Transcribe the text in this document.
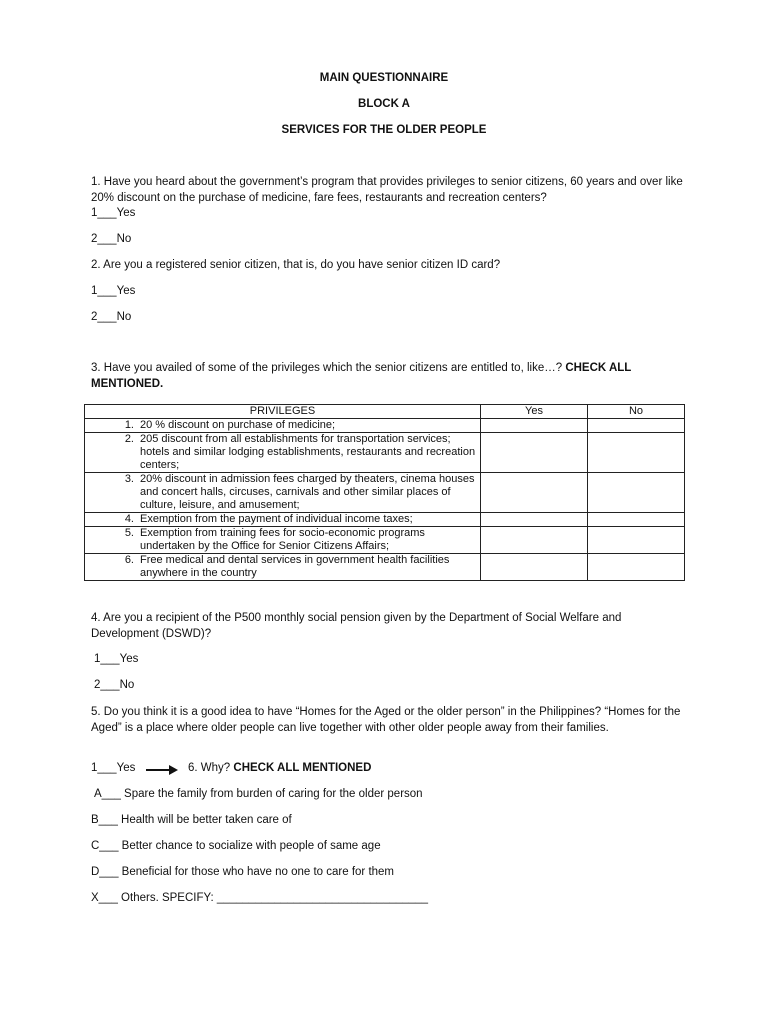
MAIN QUESTIONNAIRE
BLOCK A
SERVICES FOR THE OLDER PEOPLE
1. Have you heard about the government’s program that provides privileges to senior citizens, 60 years and over like 20% discount on the purchase of medicine, fare fees, restaurants and recreation centers?
1___Yes
2___No
2. Are you a registered senior citizen, that is, do you have senior citizen ID card?
1___Yes
2___No
3. Have you availed of some of the privileges which the senior citizens are entitled to, like…? CHECK ALL MENTIONED.
PRIVILEGES	Yes	No

1. 20 % discount on purchase of medicine;		

2. 205 discount from all establishments for transportation services; hotels and similar lodging establishments, restaurants and recreation centers;		

3. 20% discount in admission fees charged by theaters, cinema houses and concert halls, circuses, carnivals and other similar places of culture, leisure, and amusement;		

4. Exemption from the payment of individual income taxes;		

5. Exemption from training fees for socio-economic programs undertaken by the Office for Senior Citizens Affairs;		

6. Free medical and dental services in government health facilities anywhere in the country		

4. Are you a recipient of the P500 monthly social pension given by the Department of Social Welfare and Development (DSWD)?
1___Yes
2___No
5. Do you think it is a good idea to have “Homes for the Aged or the older person” in the Philippines? “Homes for the Aged” is a place where older people can live together with other older people away from their families.
1___Yes	6. Why? CHECK ALL MENTIONED
A___ Spare the family from burden of caring for the older person
B___ Health will be better taken care of
C___ Better chance to socialize with people of same age
D___ Beneficial for those who have no one to care for them
X___ Others. SPECIFY: _________________________________
